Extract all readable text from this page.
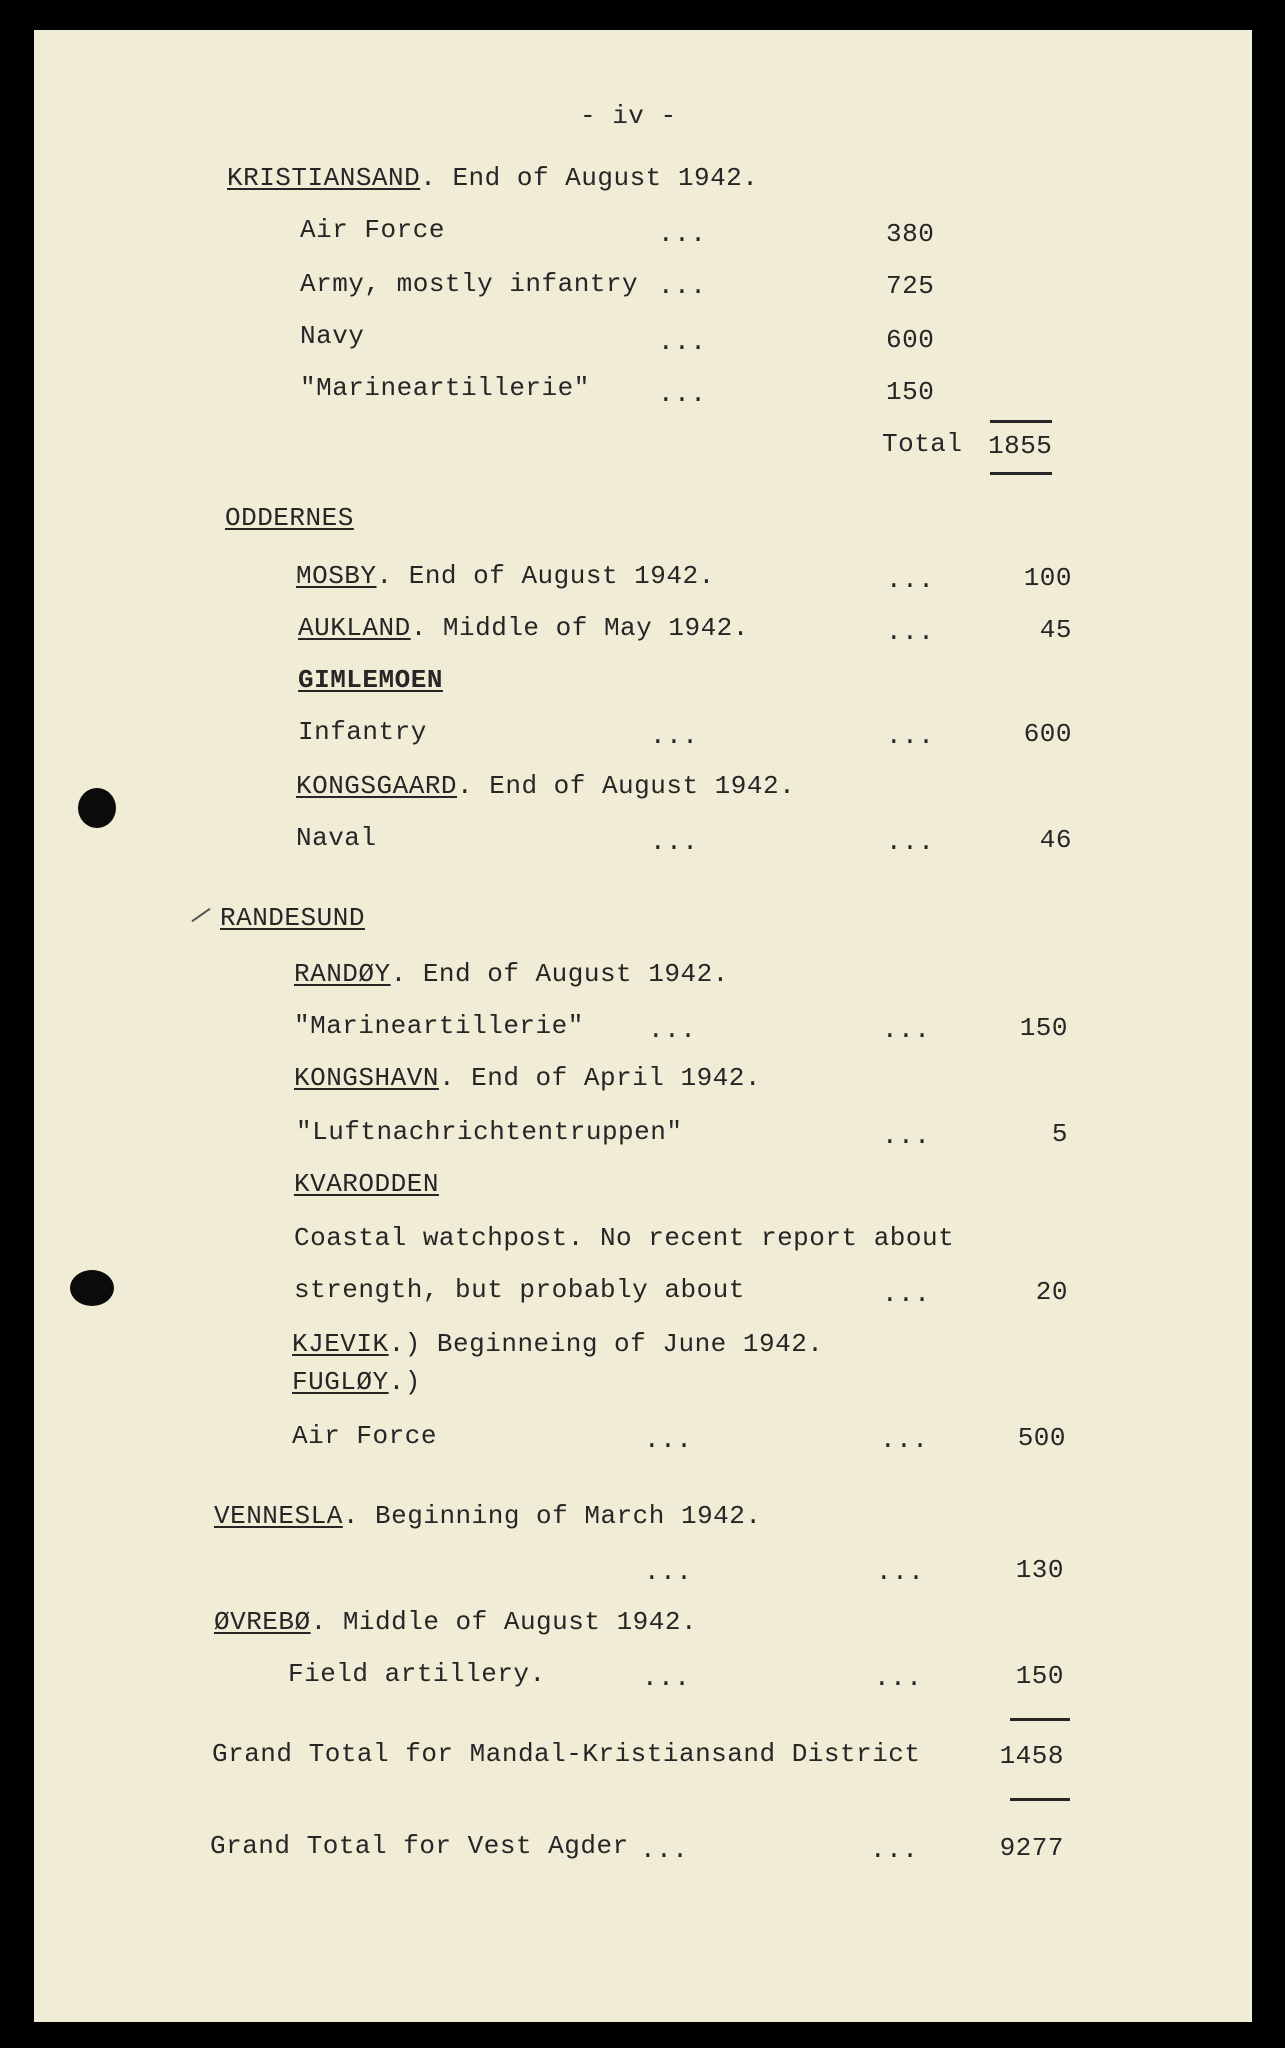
- iv -
KRISTIANSAND. End of August 1942.
Air Force	...	380
Army, mostly infantry ...	725
Navy	...	600
"Marineartillerie"	...	150
Total 1855
ODDERNES
MOSBY. End of August 1942.	...	100
AUKLAND. Middle of May 1942.	...	45
GIMLEMOEN
Infantry	...	...	600
KONGSGAARD. End of August 1942.
Naval	...	...	46
RANDESUND
RANDØY. End of August 1942.
"Marineartillerie" ...	...	150
KONGSHAVN. End of April 1942.
"Luftnachrichtentruppen"	...	5
KVARODDEN
Coastal watchpost. No recent report about
strength, but probably about	...	20
KJEVIK.) Beginneing of June 1942.
FUGLØY.)
Air Force	...	...	500
VENNESLA. Beginning of March 1942.
...	...	130
ØVREBØ. Middle of August 1942.
Field artillery.	...	...	150
Grand Total for Mandal-Kristiansand District	1458
Grand Total for Vest Agder ...	...	9277
